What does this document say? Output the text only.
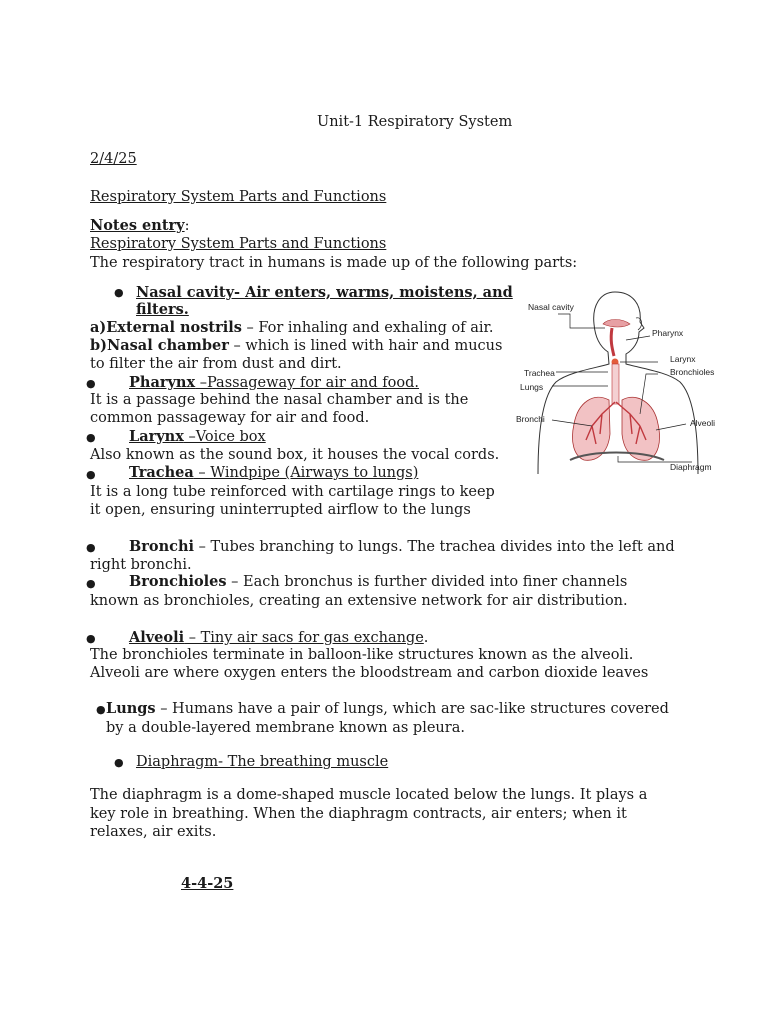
Unit-1 Respiratory System
2/4/25
Respiratory System Parts and Functions
Notes entry:
Respiratory System Parts and Functions
The respiratory tract in humans is made up of the following parts:
● Nasal cavity- Air enters, warms, moistens, and
filters.
a)External nostrils – For inhaling and exhaling of air.
b)Nasal chamber – which is lined with hair and mucus
to filter the air from dust and dirt.
● Pharynx –Passageway for air and food.
It is a passage behind the nasal chamber and is the
common passageway for air and food.
● Larynx –Voice box
Also known as the sound box, it houses the vocal cords.
● Trachea – Windpipe (Airways to lungs)
It is a long tube reinforced with cartilage rings to keep
it open, ensuring uninterrupted airflow to the lungs
● Bronchi – Tubes branching to lungs. The trachea divides into the left and
right bronchi.
● Bronchioles – Each bronchus is further divided into finer channels
known as bronchioles, creating an extensive network for air distribution.
● Alveoli – Tiny air sacs for gas exchange.
The bronchioles terminate in balloon-like structures known as the alveoli.
Alveoli are where oxygen enters the bloodstream and carbon dioxide leaves
● Lungs – Humans have a pair of lungs, which are sac-like structures covered
by a double-layered membrane known as pleura.
● Diaphragm- The breathing muscle
The diaphragm is a dome-shaped muscle located below the lungs. It plays a
key role in breathing. When the diaphragm contracts, air enters; when it
relaxes, air exits.
4-4-25
Nasal cavity
Pharynx
Larynx
Trachea	Bronchioles
Lungs
Bronchi	Alveoli
Diaphragm
